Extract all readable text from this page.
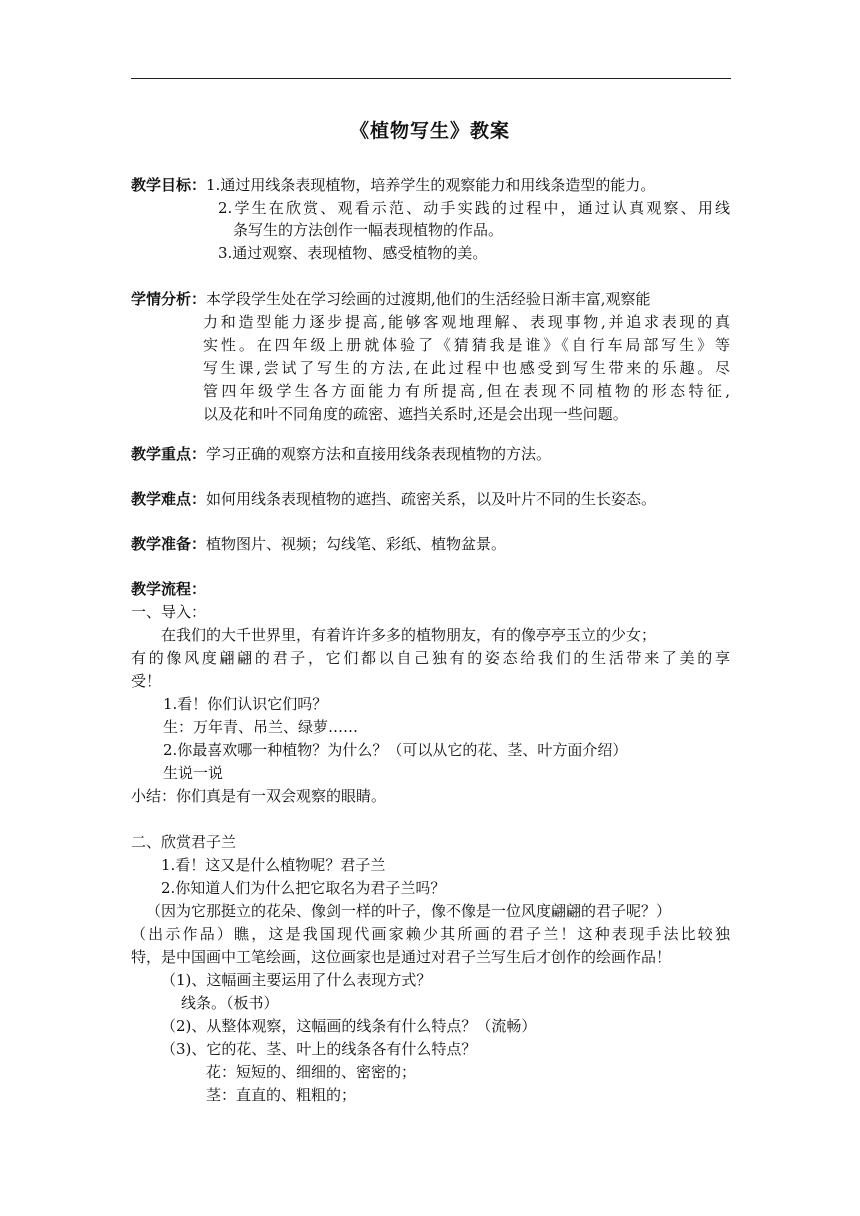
《植物写生》教案
教学目标：1.通过用线条表现植物，培养学生的观察能力和用线条造型的能力。
2.学生在欣赏、观看示范、动手实践的过程中，通过认真观察、用线
条写生的方法创作一幅表现植物的作品。
3.通过观察、表现植物、感受植物的美。
学情分析：本学段学生处在学习绘画的过渡期,他们的生活经验日渐丰富,观察能
力和造型能力逐步提高,能够客观地理解、表现事物,并追求表现的真
实性。在四年级上册就体验了《猜猜我是谁》《自行车局部写生》等
写生课,尝试了写生的方法,在此过程中也感受到写生带来的乐趣。尽
管四年级学生各方面能力有所提高,但在表现不同植物的形态特征,
以及花和叶不同角度的疏密、遮挡关系时,还是会出现一些问题。
教学重点：学习正确的观察方法和直接用线条表现植物的方法。
教学难点：如何用线条表现植物的遮挡、疏密关系，以及叶片不同的生长姿态。
教学准备：植物图片、视频；勾线笔、彩纸、植物盆景。
教学流程：
一、导入：
在我们的大千世界里，有着许许多多的植物朋友，有的像亭亭玉立的少女；
有的像风度翩翩的君子，它们都以自己独有的姿态给我们的生活带来了美的享
受！
1.看！你们认识它们吗？
生：万年青、吊兰、绿萝……
2.你最喜欢哪一种植物？为什么？（可以从它的花、茎、叶方面介绍）
生说一说
小结：你们真是有一双会观察的眼睛。
二、欣赏君子兰
1.看！这又是什么植物呢？君子兰
2.你知道人们为什么把它取名为君子兰吗？
（因为它那挺立的花朵、像剑一样的叶子，像不像是一位风度翩翩的君子呢？）
（出示作品）瞧，这是我国现代画家赖少其所画的君子兰！这种表现手法比较独
特，是中国画中工笔绘画，这位画家也是通过对君子兰写生后才创作的绘画作品！
（1)、这幅画主要运用了什么表现方式？
线条。（板书）
（2)、从整体观察，这幅画的线条有什么特点？（流畅）
（3)、它的花、茎、叶上的线条各有什么特点？
花：短短的、细细的、密密的；
茎：直直的、粗粗的；
